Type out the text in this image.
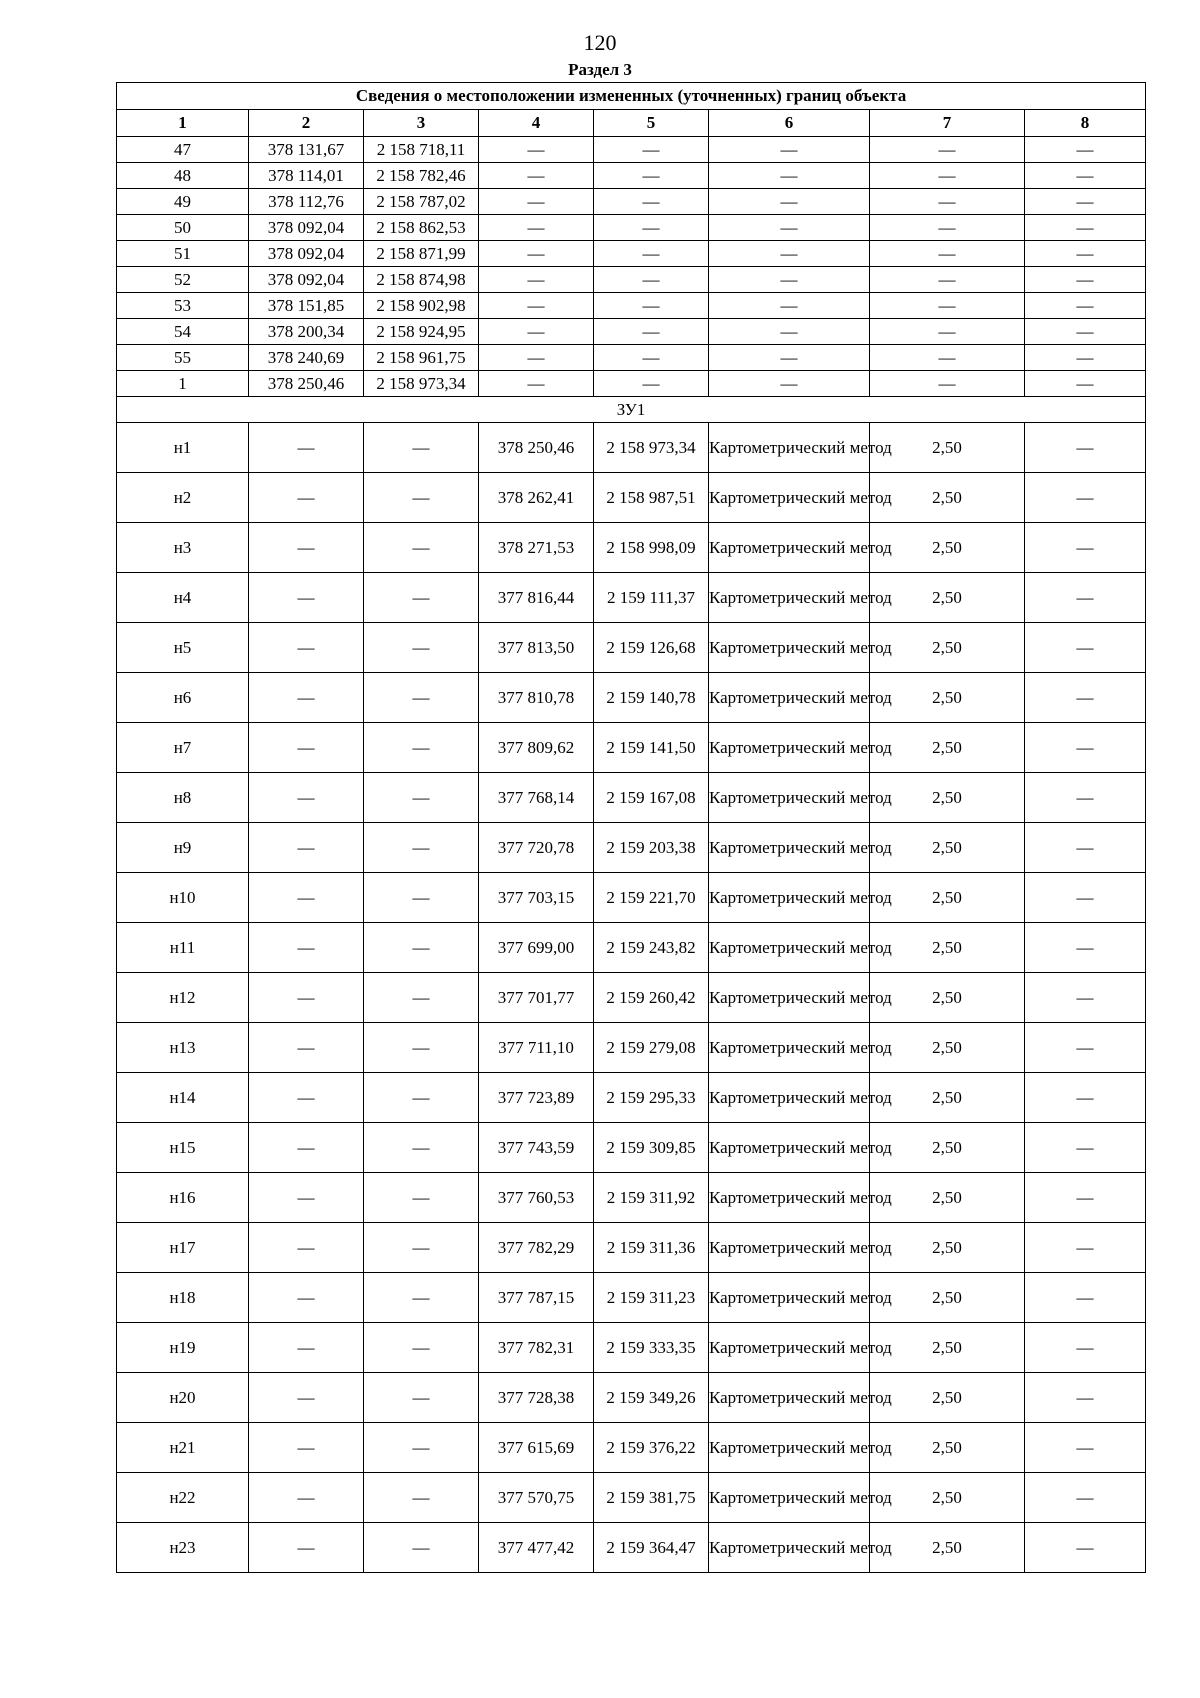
120
Раздел 3
Сведения о местоположении измененных (уточненных) границ объекта							
1	2	3	4	5	6	7	8
47	378 131,67	2 158 718,11	—	—	—	—	—
48	378 114,01	2 158 782,46	—	—	—	—	—
49	378 112,76	2 158 787,02	—	—	—	—	—
50	378 092,04	2 158 862,53	—	—	—	—	—
51	378 092,04	2 158 871,99	—	—	—	—	—
52	378 092,04	2 158 874,98	—	—	—	—	—
53	378 151,85	2 158 902,98	—	—	—	—	—
54	378 200,34	2 158 924,95	—	—	—	—	—
55	378 240,69	2 158 961,75	—	—	—	—	—
1	378 250,46	2 158 973,34	—	—	—	—	—
ЗУ1							
н1	—	—	378 250,46	2 158 973,34	Картометрический метод	2,50	—
н2	—	—	378 262,41	2 158 987,51	Картометрический метод	2,50	—
н3	—	—	378 271,53	2 158 998,09	Картометрический метод	2,50	—
н4	—	—	377 816,44	2 159 111,37	Картометрический метод	2,50	—
н5	—	—	377 813,50	2 159 126,68	Картометрический метод	2,50	—
н6	—	—	377 810,78	2 159 140,78	Картометрический метод	2,50	—
н7	—	—	377 809,62	2 159 141,50	Картометрический метод	2,50	—
н8	—	—	377 768,14	2 159 167,08	Картометрический метод	2,50	—
н9	—	—	377 720,78	2 159 203,38	Картометрический метод	2,50	—
н10	—	—	377 703,15	2 159 221,70	Картометрический метод	2,50	—
н11	—	—	377 699,00	2 159 243,82	Картометрический метод	2,50	—
н12	—	—	377 701,77	2 159 260,42	Картометрический метод	2,50	—
н13	—	—	377 711,10	2 159 279,08	Картометрический метод	2,50	—
н14	—	—	377 723,89	2 159 295,33	Картометрический метод	2,50	—
н15	—	—	377 743,59	2 159 309,85	Картометрический метод	2,50	—
н16	—	—	377 760,53	2 159 311,92	Картометрический метод	2,50	—
н17	—	—	377 782,29	2 159 311,36	Картометрический метод	2,50	—
н18	—	—	377 787,15	2 159 311,23	Картометрический метод	2,50	—
н19	—	—	377 782,31	2 159 333,35	Картометрический метод	2,50	—
н20	—	—	377 728,38	2 159 349,26	Картометрический метод	2,50	—
н21	—	—	377 615,69	2 159 376,22	Картометрический метод	2,50	—
н22	—	—	377 570,75	2 159 381,75	Картометрический метод	2,50	—
н23	—	—	377 477,42	2 159 364,47	Картометрический метод	2,50	—
